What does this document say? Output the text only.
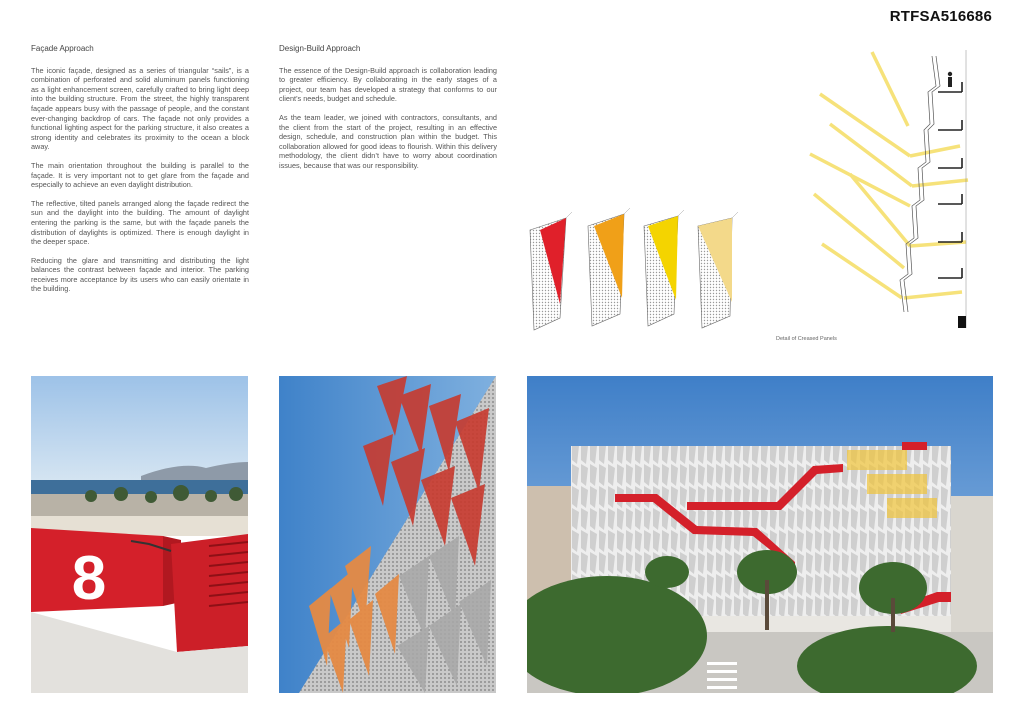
RTFSA516686
Façade Approach

The iconic façade, designed as a series of triangular “sails”, is a combination of perforated and solid aluminum panels functioning as a light enhancement screen, carefully crafted to bring light deep into the building structure. From the street, the highly transparent façade appears busy with the passage of people, and the constant ever-changing backdrop of cars. The façade not only provides a functional lighting aspect for the parking structure, it also creates a strong identity and celebrates its proximity to the ocean a block away.

The main orientation throughout the building is parallel to the façade. It is very important not to get glare from the façade and especially to achieve an even daylight distribution.

The reflective, tilted panels arranged along the façade redirect the sun and the daylight into the building. The amount of daylight entering the parking is the same, but with the façade panels the distribution of daylights is optimized. There is enough daylight in the deeper space.

Reducing the glare and transmitting and distributing the light balances the contrast between façade and interior. The parking receives more acceptance by its users who can easily orientate in the building.

Design-Build Approach

The essence of the Design-Build approach is collaboration leading to greater efficiency. By collaborating in the early stages of a project, our team has developed a strategy that conforms to our client’s needs, budget and schedule.

As the team leader, we joined with contractors, consultants, and the client from the start of the project, resulting in an effective design, schedule, and construction plan within the budget. This collaboration allowed for good ideas to flourish. Within this delivery methodology, the client didn’t have to worry about coordination issues, because that was our responsibility.

Detail of Creased Panels
8
